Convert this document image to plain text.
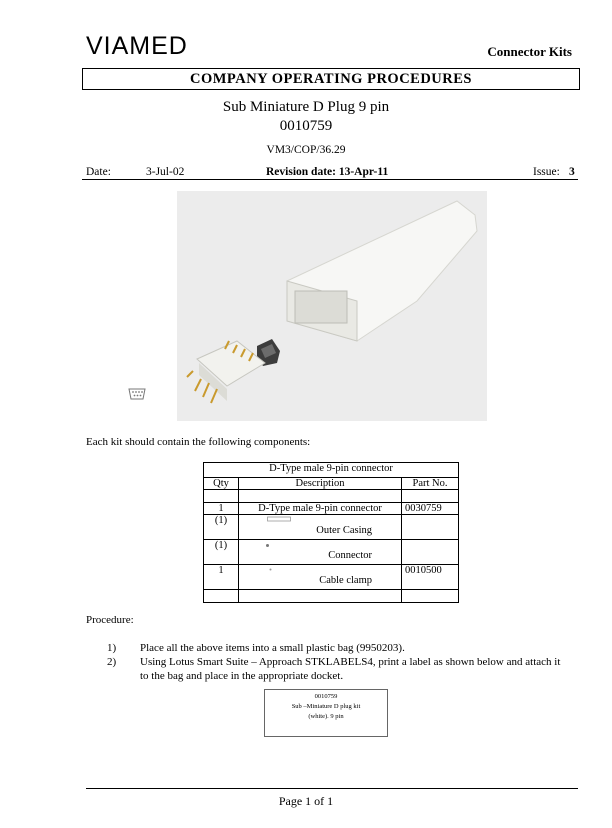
VIAMED	Connector Kits
COMPANY OPERATING PROCEDURES
Sub Miniature D Plug 9 pin
0010759
VM3/COP/36.29
Date:	3-Jul-02	Revision date: 13-Apr-11	Issue: 3
Each kit should contain the following components:
D-Type male 9-pin connector		
Qty	Description	Part No.

1	D-Type male 9-pin connector	0030759
(1)	Outer Casing	

(1)	Connector	

1	Cable clamp	0010500

Procedure:
1) Place all the above items into a small plastic bag (9950203).
2) Using Lotus Smart Suite – Approach STKLABELS4, print a label as shown below and attach it to the bag and place in the appropriate docket.
0010759
Sub –Miniature D plug kit
(white). 9 pin
Page 1 of 1
